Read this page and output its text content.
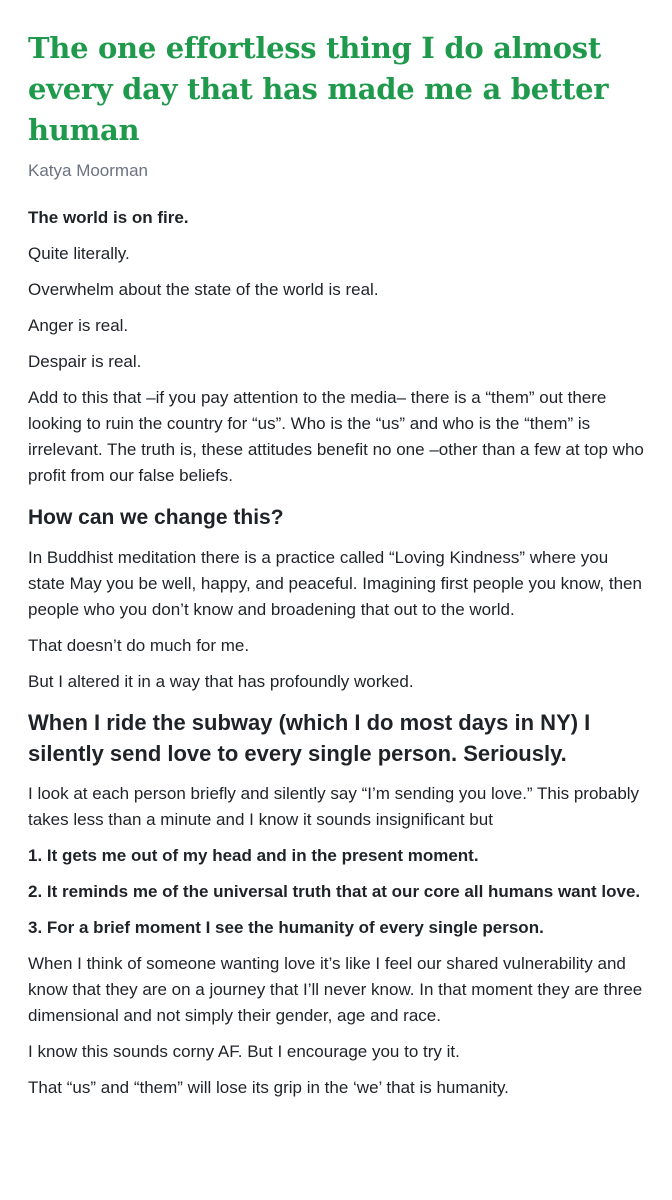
The one effortless thing I do almost every day that has made me a better human
Katya Moorman

The world is on fire.

Quite literally.

Overwhelm about the state of the world is real.

Anger is real.

Despair is real.

Add to this that –if you pay attention to the media– there is a “them” out there looking to ruin the country for “us”. Who is the “us” and who is the “them” is irrelevant. The truth is, these attitudes benefit no one –other than a few at top who profit from our false beliefs.

How can we change this?

In Buddhist meditation there is a practice called “Loving Kindness” where you state May you be well, happy, and peaceful. Imagining first people you know, then people who you don’t know and broadening that out to the world.

That doesn’t do much for me.

But I altered it in a way that has profoundly worked.

When I ride the subway (which I do most days in NY) I silently send love to every single person. Seriously.

I look at each person briefly and silently say “I’m sending you love.” This probably takes less than a minute and I know it sounds insignificant but

1. It gets me out of my head and in the present moment.

2. It reminds me of the universal truth that at our core all humans want love.

3. For a brief moment I see the humanity of every single person.

When I think of someone wanting love it’s like I feel our shared vulnerability and know that they are on a journey that I’ll never know. In that moment they are three dimensional and not simply their gender, age and race.

I know this sounds corny AF. But I encourage you to try it.

That “us” and “them” will lose its grip in the ‘we’ that is humanity.
